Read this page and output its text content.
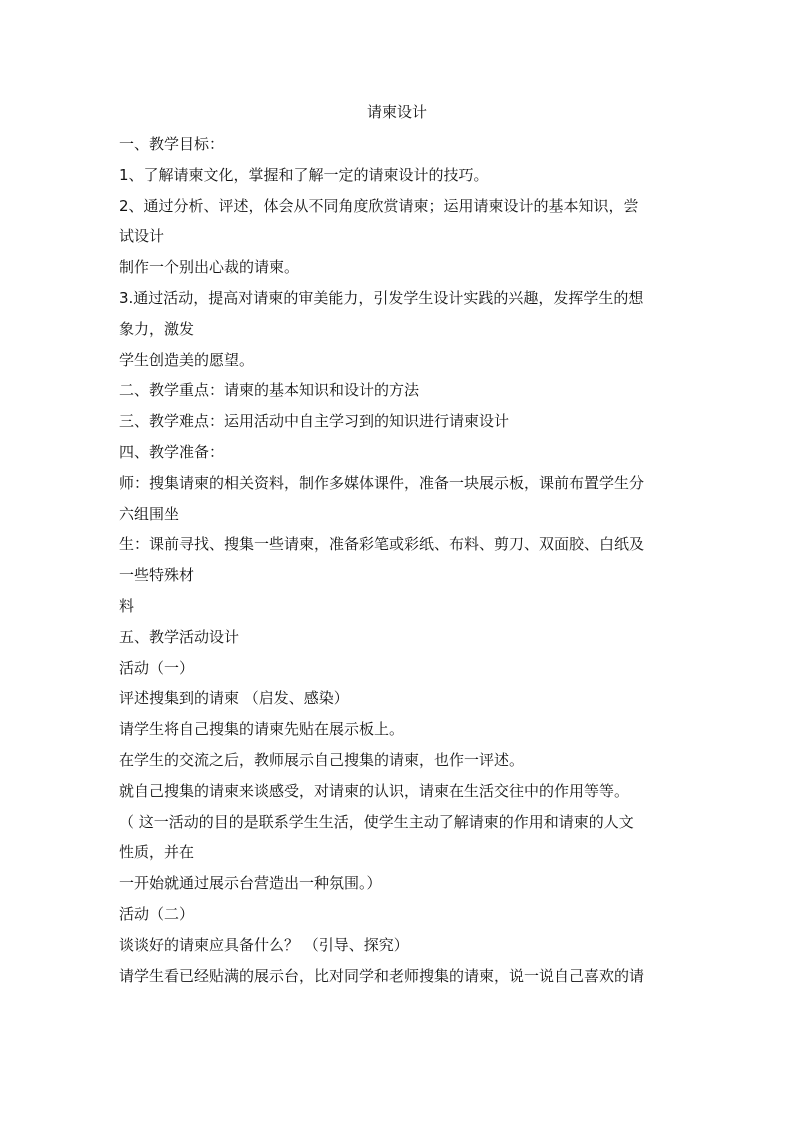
请柬设计
一、教学目标：
1、了解请柬文化，掌握和了解一定的请柬设计的技巧。
2、通过分析、评述，体会从不同角度欣赏请柬；运用请柬设计的基本知识，尝
试设计
制作一个别出心裁的请柬。
3.通过活动，提高对请柬的审美能力，引发学生设计实践的兴趣，发挥学生的想
象力，激发
学生创造美的愿望。
二、教学重点：请柬的基本知识和设计的方法
三、教学难点：运用活动中自主学习到的知识进行请柬设计
四、教学准备：
师：搜集请柬的相关资料，制作多媒体课件，准备一块展示板，课前布置学生分
六组围坐
生：课前寻找、搜集一些请柬，准备彩笔或彩纸、布料、剪刀、双面胶、白纸及
一些特殊材
料
五、教学活动设计
活动（一）
评述搜集到的请柬 （启发、感染）
请学生将自己搜集的请柬先贴在展示板上。
在学生的交流之后，教师展示自己搜集的请柬，也作一评述。
就自己搜集的请柬来谈感受，对请柬的认识，请柬在生活交往中的作用等等。
（ 这一活动的目的是联系学生生活，使学生主动了解请柬的作用和请柬的人文
性质，并在
一开始就通过展示台营造出一种氛围。）
活动（二）
谈谈好的请柬应具备什么？ （引导、探究）
请学生看已经贴满的展示台，比对同学和老师搜集的请柬，说一说自己喜欢的请
